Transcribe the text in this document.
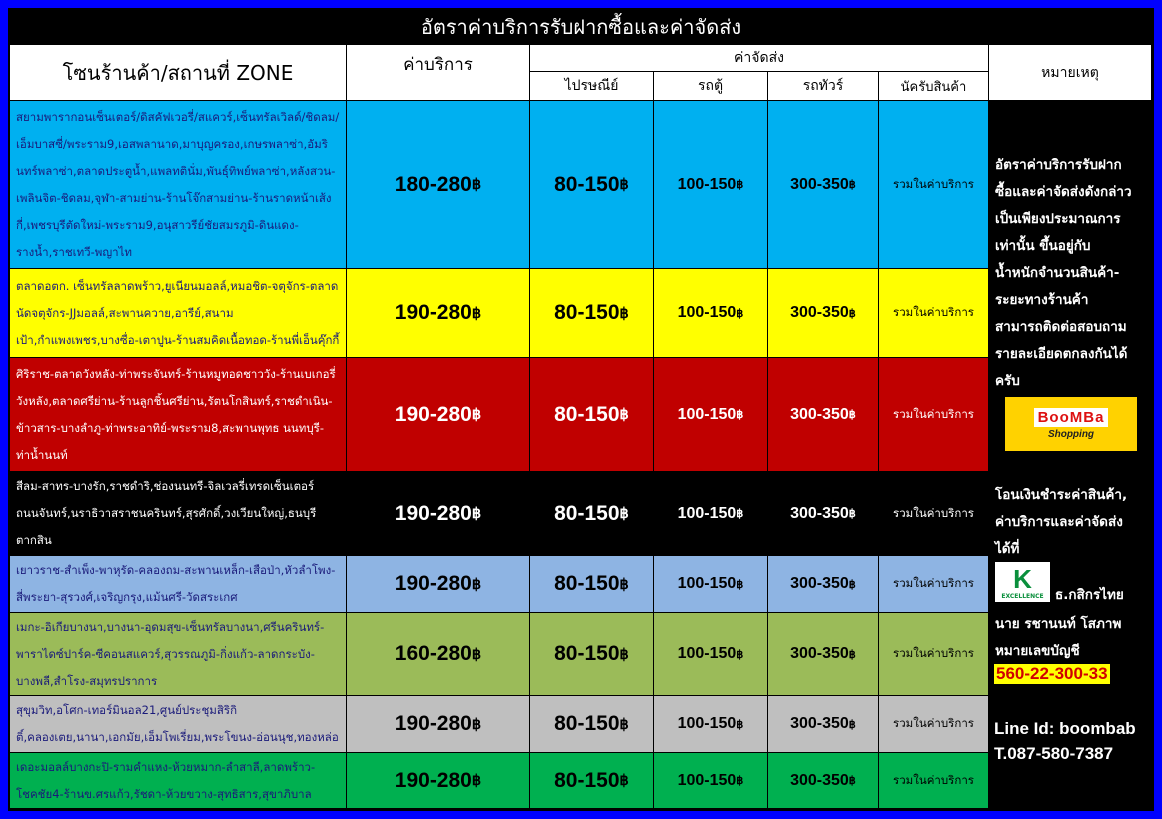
อัตราค่าบริการรับฝากซื้อและค่าจัดส่ง
โซนร้านค้า/สถานที่ ZONE	ค่าบริการ	ค่าจัดส่ง
ไปรษณีย์	รถตู้	รถทัวร์	นัครับสินค้า
หมายเหตุ
สยามพารากอนเซ็นเตอร์/ดิสคัฟเวอรี่/สแควร์,เซ็นทรัลเวิลด์/ชิดลม/เอ็มบาสซี่/พระราม9,เอสพลานาด,มาบุญครอง,เกษรพลาซ่า,อัมรินทร์พลาซ่า,ตลาดประตูน้ำ,แพลทตินั่ม,พันธุ์ทิพย์พลาซ่า,หลังสวน-เพลินจิต-ชิดลม,จุฬา-สามย่าน-ร้านโจ๊กสามย่าน-ร้านราดหน้าเส้งกี่,เพชรบุรีตัดใหม่-พระราม9,อนุสาวรีย์ชัยสมรภูมิ-ดินแดง-รางน้ำ,ราชเทวี-พญาไท
180-280 ฿	80-150 ฿	100-150 ฿	300-350 ฿	รวมในค่าบริการ
ตลาดอตก. เซ็นทรัลลาดพร้าว,ยูเนียนมอลล์,หมอชิต-จตุจักร-ตลาดนัดจตุจักร-JJมอลล์,สะพานควาย,อารีย์,สนามเป้า,กำแพงเพชร,บางซื่อ-เตาปูน-ร้านสมคิดเนื้อทอด-ร้านพี่เอ็นคุ๊กกี้
190-280 ฿	80-150 ฿	100-150 ฿	300-350 ฿	รวมในค่าบริการ
ศิริราช-ตลาดวังหลัง-ท่าพระจันทร์-ร้านหมูทอดชาววัง-ร้านเบเกอรี่วังหลัง,ตลาดศรีย่าน-ร้านลูกชิ้นศรีย่าน,รัตนโกสินทร์,ราชดำเนิน-ข้าวสาร-บางลำภู-ท่าพระอาทิย์-พระราม8,สะพานพุทธ นนทบุรี-ท่าน้ำนนท์
190-280 ฿	80-150 ฿	100-150 ฿	300-350 ฿	รวมในค่าบริการ
สีลม-สาทร-บางรัก,ราชดำริ,ช่องนนทรี-จิลเวลรี่เทรดเซ็นเตอร์ ถนนจันทร์,นราธิวาสราชนครินทร์,สุรศักดิ์,วงเวียนใหญ่,ธนบุรี ตากสิน
190-280 ฿	80-150 ฿	100-150 ฿	300-350 ฿	รวมในค่าบริการ
เยาวราช-สำเพ็ง-พาหุรัด-คลองถม-สะพานเหล็ก-เสือป่า,หัวลำโพง-สี่พระยา-สุรวงศ์,เจริญกรุง,แม้นศรี-วัดสระเกศ
190-280 ฿	80-150 ฿	100-150 ฿	300-350 ฿	รวมในค่าบริการ
เมกะ-อิเกียบางนา,บางนา-อุดมสุข-เซ็นทรัลบางนา,ศรีนครินทร์-พาราไดซ์ปาร์ค-ซีคอนสแควร์,สุวรรณภูมิ-กิ่งแก้ว-ลาดกระบัง-บางพลี,สำโรง-สมุทรปราการ
160-280 ฿	80-150 ฿	100-150 ฿	300-350 ฿	รวมในค่าบริการ
สุขุมวิท,อโศก-เทอร์มินอล21,ศูนย์ประชุมสิริกิติ์,คลองเตย,นานา,เอกมัย,เอ็มโพเรี่ยม,พระโขนง-อ่อนนุช,ทองหล่อ
190-280 ฿	80-150 ฿	100-150 ฿	300-350 ฿	รวมในค่าบริการ
เดอะมอลล์บางกะปิ-รามคำแหง-ห้วยหมาก-ลำสาลี,ลาดพร้าว-โชคชัย4-ร้านข.ศรแก้ว,รัชดา-ห้วยขวาง-สุทธิสาร,สุขาภิบาล
190-280 ฿	80-150 ฿	100-150 ฿	300-350 ฿	รวมในค่าบริการ
อัตราค่าบริการรับฝาก
ซื้อและค่าจัดส่งดังกล่าว
เป็นเพียงประมาณการ
เท่านั้น ขึ้นอยู่กับ
น้ำหนักจำนวนสินค้า-
ระยะทางร้านค้า
สามารถติดต่อสอบถาม
รายละเอียดตกลงกันได้
ครับ
BooMBa
Shopping
โอนเงินชำระค่าสินค้า,
ค่าบริการและค่าจัดส่ง
ได้ที่
K
EXCELLENCE ธ.กสิกรไทย
นาย รชานนท์ โสภาพ
หมายเลขบัญชี
560-22-300-33
Line Id: boombab
T.087-580-7387
